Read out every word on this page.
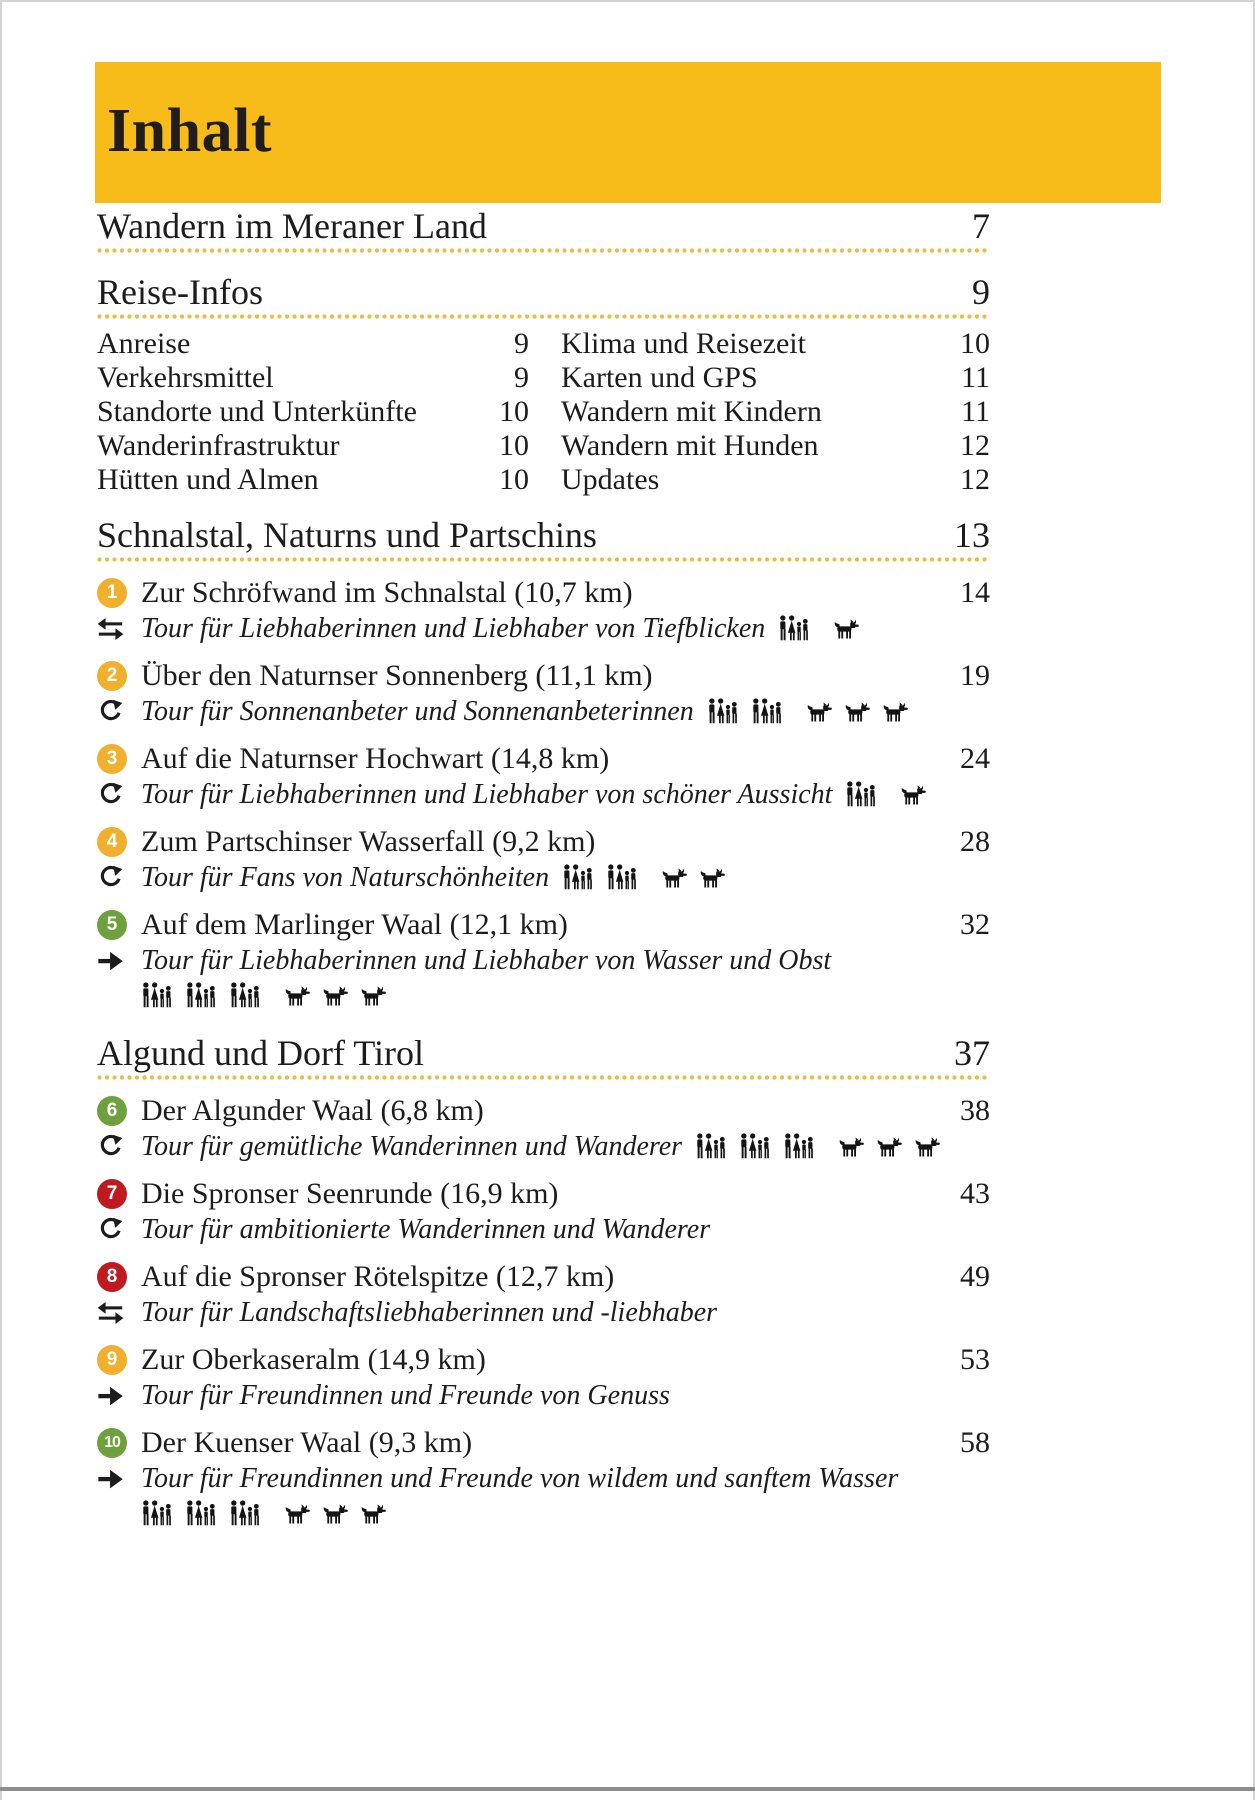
Inhalt
Wandern im Meraner Land	7
Reise-Infos	9
Anreise	9
Verkehrsmittel	9
Standorte und Unterkünfte	10
Wanderinfrastruktur	10
Hütten und Almen	10
Klima und Reisezeit	10
Karten und GPS	11
Wandern mit Kindern	11
Wandern mit Hunden	12
Updates	12
Schnalstal, Naturns und Partschins	13
1 Zur Schröfwand im Schnalstal (10,7 km)	14
Tour für Liebhaberinnen und Liebhaber von Tiefblicken
2 Über den Naturnser Sonnenberg (11,1 km)	19
Tour für Sonnenanbeter und Sonnenanbeterinnen
3 Auf die Naturnser Hochwart (14,8 km)	24
Tour für Liebhaberinnen und Liebhaber von schöner Aussicht
4 Zum Partschinser Wasserfall (9,2 km)	28
Tour für Fans von Naturschönheiten
5 Auf dem Marlinger Waal (12,1 km)	32
Tour für Liebhaberinnen und Liebhaber von Wasser und Obst
Algund und Dorf Tirol	37
6 Der Algunder Waal (6,8 km)	38
Tour für gemütliche Wanderinnen und Wanderer
7 Die Spronser Seenrunde (16,9 km)	43
Tour für ambitionierte Wanderinnen und Wanderer
8 Auf die Spronser Rötelspitze (12,7 km)	49
Tour für Landschaftsliebhaberinnen und -liebhaber
9 Zur Oberkaseralm (14,9 km)	53
Tour für Freundinnen und Freunde von Genuss
10 Der Kuenser Waal (9,3 km)	58
Tour für Freundinnen und Freunde von wildem und sanftem Wasser
